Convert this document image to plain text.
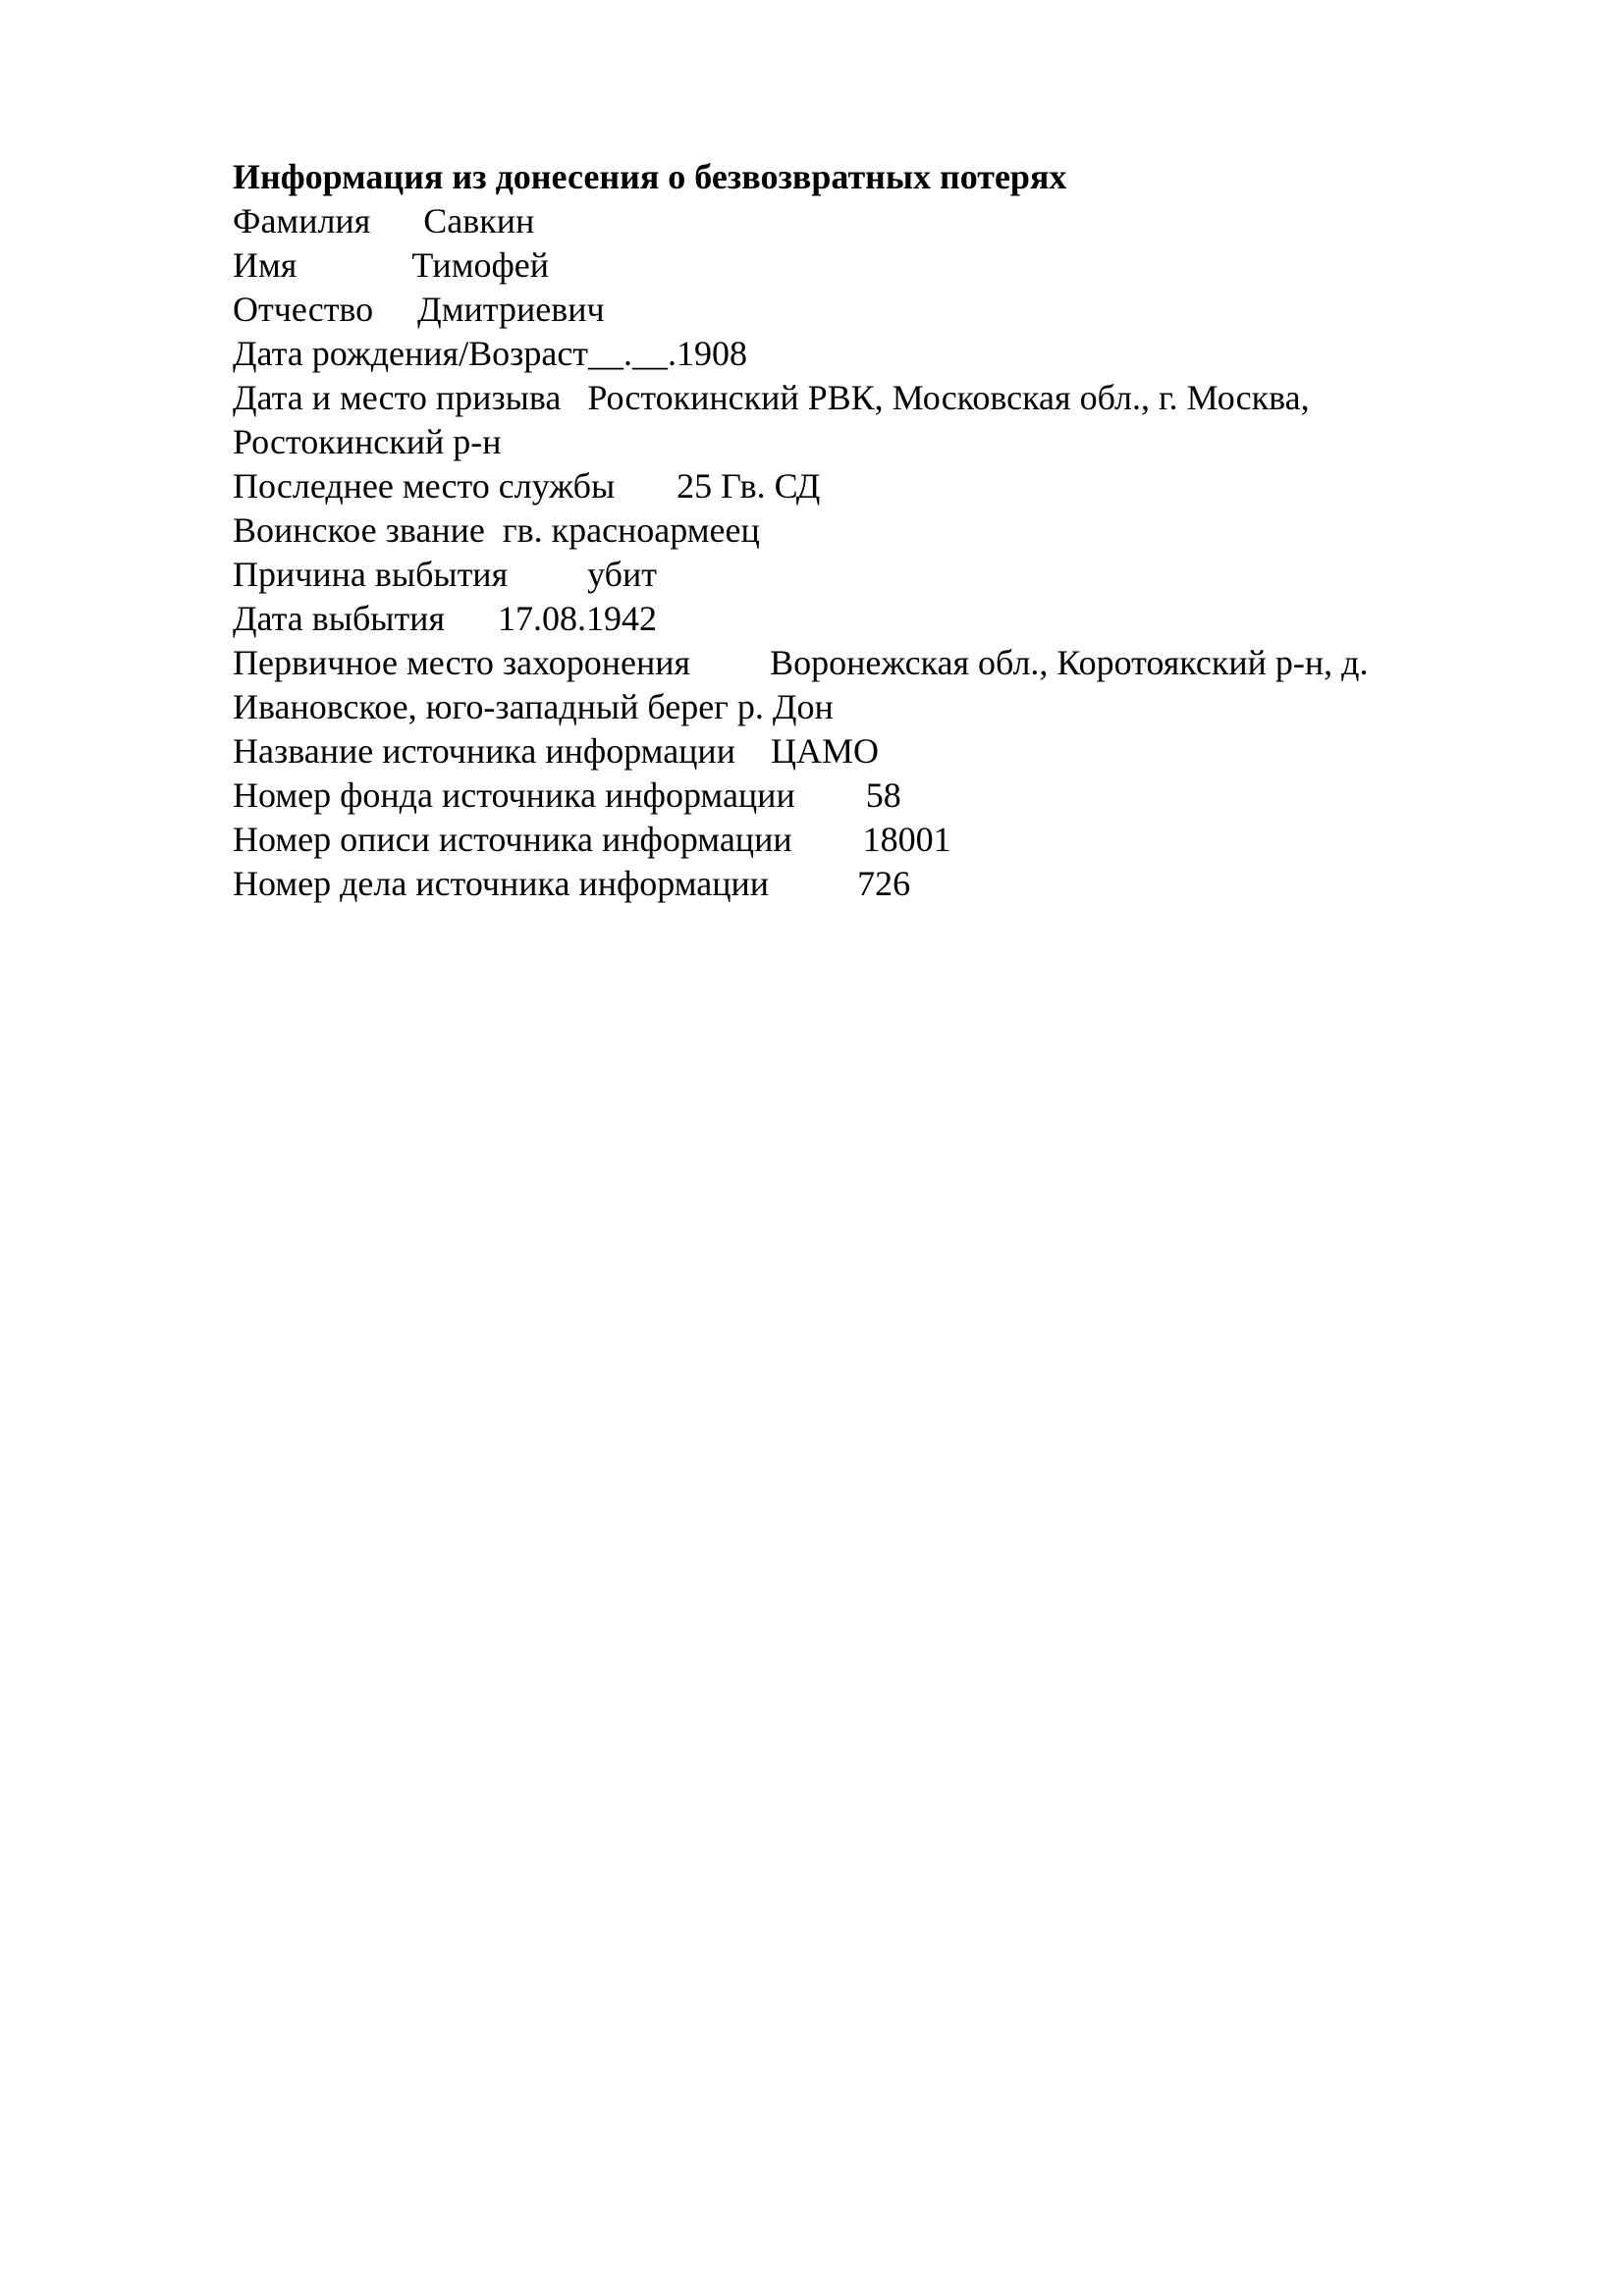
Информация из донесения о безвозвратных потерях
Фамилия      Савкин
Имя             Тимофей
Отчество     Дмитриевич
Дата рождения/Возраст__.__.1908
Дата и место призыва   Ростокинский РВК, Московская обл., г. Москва,
Ростокинский р-н
Последнее место службы       25 Гв. СД
Воинское звание  гв. красноармеец
Причина выбытия         убит
Дата выбытия      17.08.1942
Первичное место захоронения         Воронежская обл., Коротоякский р-н, д.
Ивановское, юго-западный берег р. Дон
Название источника информации    ЦАМО
Номер фонда источника информации        58
Номер описи источника информации        18001
Номер дела источника информации          726
